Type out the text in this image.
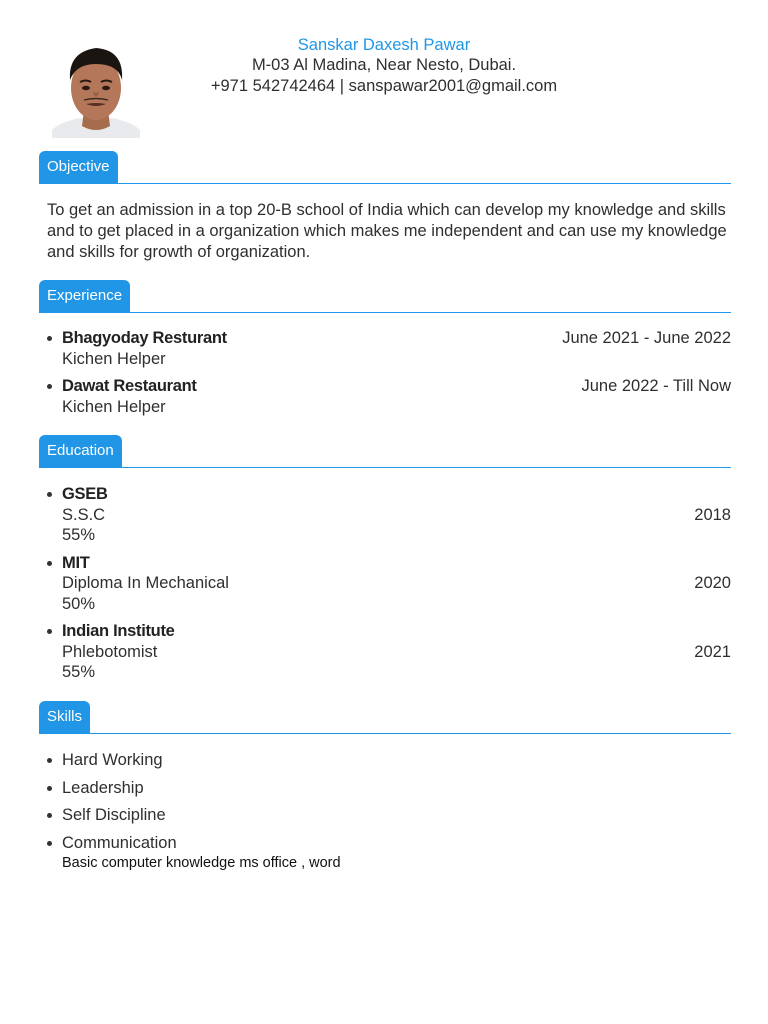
Sanskar Daxesh Pawar
M-03 Al Madina, Near Nesto, Dubai.
+971 542742464 | sanspawar2001@gmail.com
Objective
To get an admission in a top 20-B school of India which can develop my knowledge and skills and to get placed in a organization which makes me independent and can use my knowledge and skills for growth of organization.
Experience
Bhagyoday Resturant	June 2021 - June 2022
Kichen Helper
Dawat Restaurant	June 2022 - Till Now
Kichen Helper
Education
GSEB
S.S.C	2018
55%
MIT
Diploma In Mechanical	2020
50%
Indian Institute
Phlebotomist	2021
55%
Skills
Hard Working
Leadership
Self Discipline
Communication
Basic computer knowledge ms office , word
